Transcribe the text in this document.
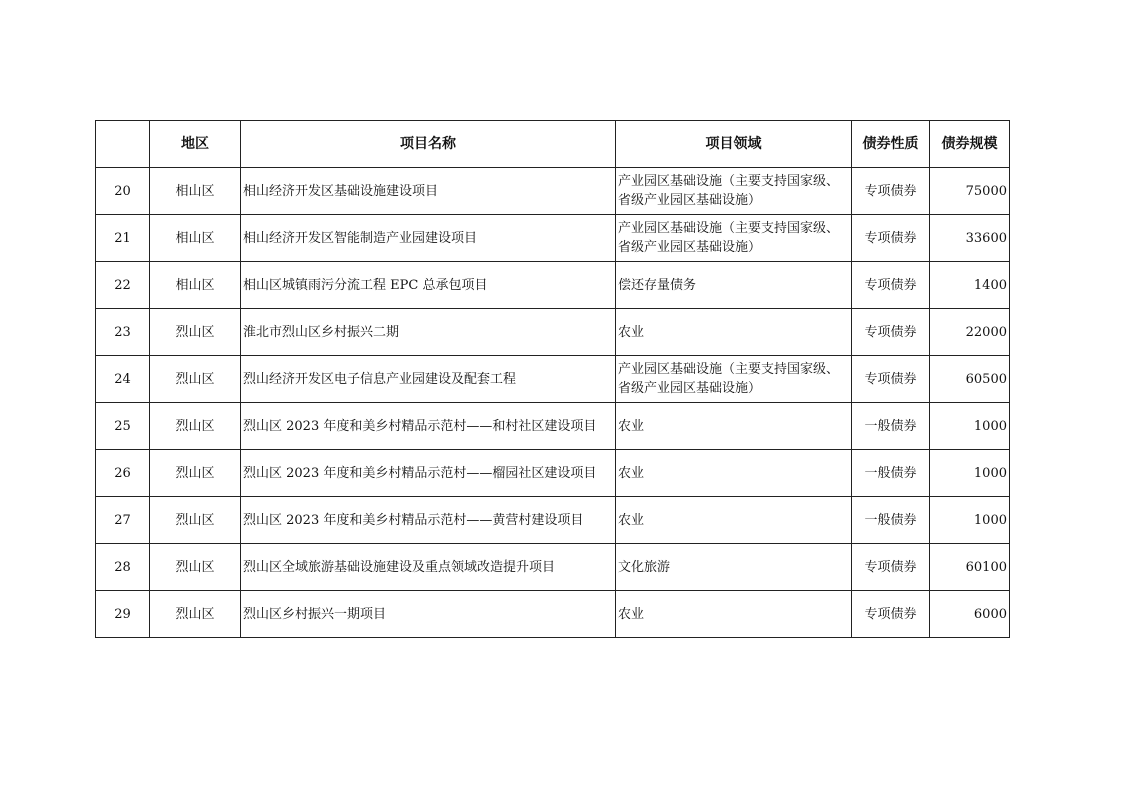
	地区	项目名称	项目领域	债券性质	债券规模
20	相山区	相山经济开发区基础设施建设项目	产业园区基础设施（主要支持国家级、省级产业园区基础设施）	专项债券	75000
21	相山区	相山经济开发区智能制造产业园建设项目	产业园区基础设施（主要支持国家级、省级产业园区基础设施）	专项债券	33600
22	相山区	相山区城镇雨污分流工程 EPC 总承包项目	偿还存量债务	专项债券	1400
23	烈山区	淮北市烈山区乡村振兴二期	农业	专项债券	22000
24	烈山区	烈山经济开发区电子信息产业园建设及配套工程	产业园区基础设施（主要支持国家级、省级产业园区基础设施）	专项债券	60500
25	烈山区	烈山区 2023 年度和美乡村精品示范村——和村社区建设项目	农业	一般债券	1000
26	烈山区	烈山区 2023 年度和美乡村精品示范村——榴园社区建设项目	农业	一般债券	1000
27	烈山区	烈山区 2023 年度和美乡村精品示范村——黄营村建设项目	农业	一般债券	1000
28	烈山区	烈山区全域旅游基础设施建设及重点领域改造提升项目	文化旅游	专项债券	60100
29	烈山区	烈山区乡村振兴一期项目	农业	专项债券	6000
